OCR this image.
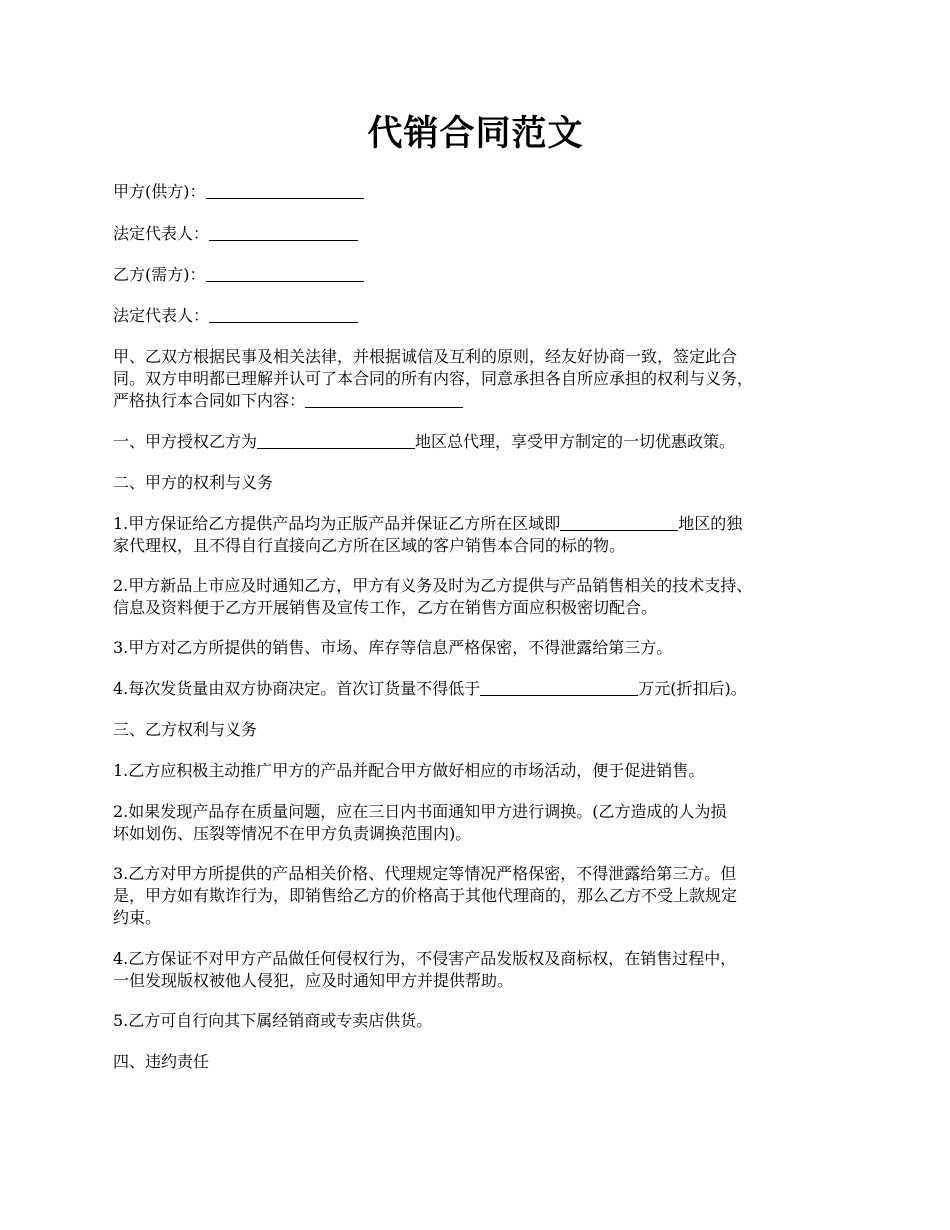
代销合同范文

甲方(供方)：

法定代表人：

乙方(需方)：

法定代表人：

甲、乙双方根据民事及相关法律，并根据诚信及互利的原则，经友好协商一致，签定此合
同。双方申明都已理解并认可了本合同的所有内容，同意承担各自所应承担的权利与义务，
严格执行本合同如下内容：

一、甲方授权乙方为	地区总代理，享受甲方制定的一切优惠政策。

二、甲方的权利与义务

1.甲方保证给乙方提供产品均为正版产品并保证乙方所在区域即	地区的独
家代理权，且不得自行直接向乙方所在区域的客户销售本合同的标的物。

2.甲方新品上市应及时通知乙方，甲方有义务及时为乙方提供与产品销售相关的技术支持、
信息及资料便于乙方开展销售及宣传工作，乙方在销售方面应积极密切配合。

3.甲方对乙方所提供的销售、市场、库存等信息严格保密，不得泄露给第三方。

4.每次发货量由双方协商决定。首次订货量不得低于	万元(折扣后)。

三、乙方权利与义务

1.乙方应积极主动推广甲方的产品并配合甲方做好相应的市场活动，便于促进销售。

2.如果发现产品存在质量问题，应在三日内书面通知甲方进行调换。(乙方造成的人为损
坏如划伤、压裂等情况不在甲方负责调换范围内)。

3.乙方对甲方所提供的产品相关价格、代理规定等情况严格保密，不得泄露给第三方。但
是，甲方如有欺诈行为，即销售给乙方的价格高于其他代理商的，那么乙方不受上款规定
约束。

4.乙方保证不对甲方产品做任何侵权行为，不侵害产品发版权及商标权，在销售过程中，
一但发现版权被他人侵犯，应及时通知甲方并提供帮助。

5.乙方可自行向其下属经销商或专卖店供货。

四、违约责任
